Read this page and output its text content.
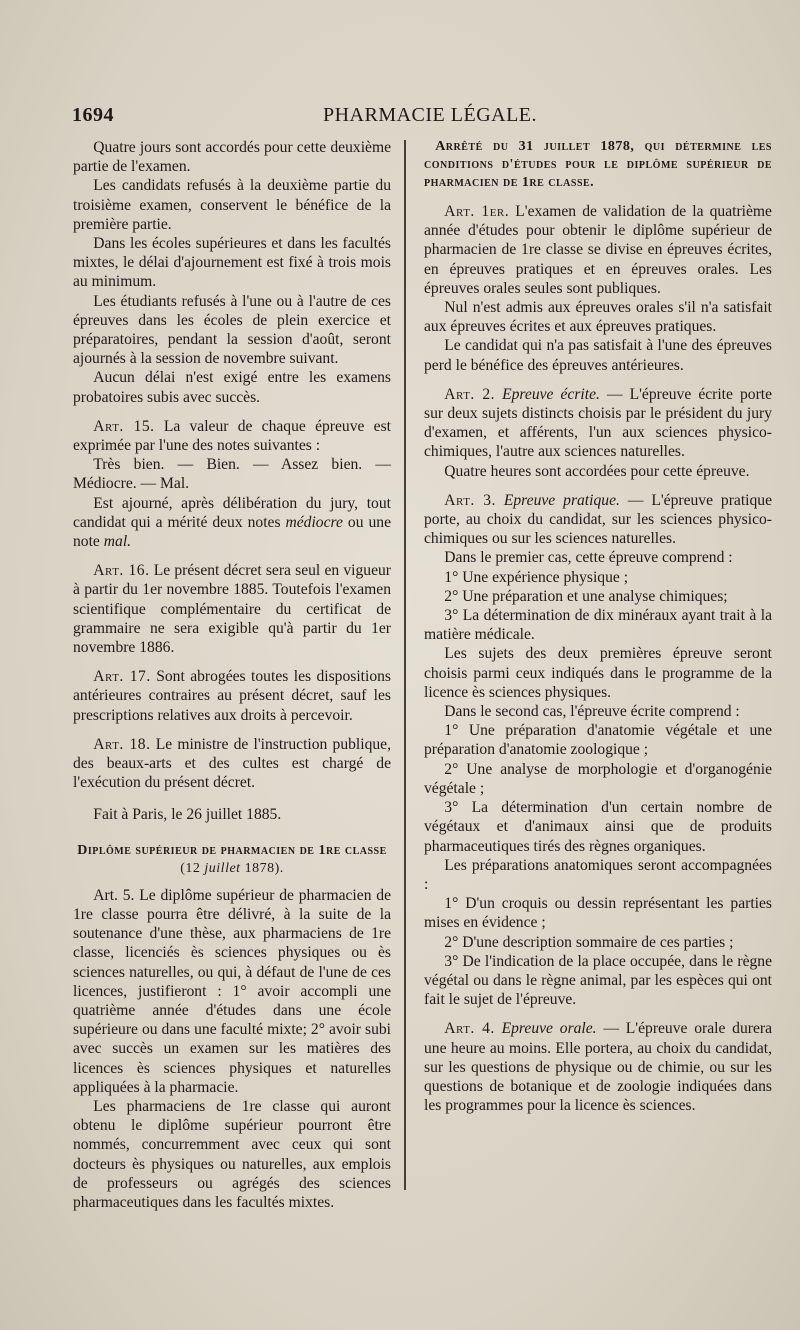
1694	PHARMACIE LÉGALE.

Quatre jours sont accordés pour cette deuxième partie de l'examen.

Les candidats refusés à la deuxième partie du troisième examen, conservent le bénéfice de la première partie.

Dans les écoles supérieures et dans les facultés mixtes, le délai d'ajournement est fixé à trois mois au minimum.

Les étudiants refusés à l'une ou à l'autre de ces épreuves dans les écoles de plein exercice et préparatoires, pendant la session d'août, seront ajournés à la session de novembre suivant.

Aucun délai n'est exigé entre les examens probatoires subis avec succès.

Art. 15. La valeur de chaque épreuve est exprimée par l'une des notes suivantes :

Très bien. — Bien. — Assez bien. — Médiocre. — Mal.

Est ajourné, après délibération du jury, tout candidat qui a mérité deux notes médiocre ou une note mal.

Art. 16. Le présent décret sera seul en vigueur à partir du 1er novembre 1885. Toutefois l'examen scientifique complémentaire du certificat de grammaire ne sera exigible qu'à partir du 1er novembre 1886.

Art. 17. Sont abrogées toutes les dispositions antérieures contraires au présent décret, sauf les prescriptions relatives aux droits à percevoir.

Art. 18. Le ministre de l'instruction publique, des beaux-arts et des cultes est chargé de l'exécution du présent décret.

Fait à Paris, le 26 juillet 1885.

Diplôme supérieur de pharmacien de 1re classe (12 juillet 1878).

Art. 5. Le diplôme supérieur de pharmacien de 1re classe pourra être délivré, à la suite de la soutenance d'une thèse, aux pharmaciens de 1re classe, licenciés ès sciences physiques ou ès sciences naturelles, ou qui, à défaut de l'une de ces licences, justifieront : 1° avoir accompli une quatrième année d'études dans une école supérieure ou dans une faculté mixte; 2° avoir subi avec succès un examen sur les matières des licences ès sciences physiques et naturelles appliquées à la pharmacie.

Les pharmaciens de 1re classe qui auront obtenu le diplôme supérieur pourront être nommés, concurremment avec ceux qui sont docteurs ès physiques ou naturelles, aux emplois de professeurs ou agrégés des sciences pharmaceutiques dans les facultés mixtes.

Arrêté du 31 juillet 1878, qui détermine les conditions d'études pour le diplôme supérieur de pharmacien de 1re classe.

Art. 1er. L'examen de validation de la quatrième année d'études pour obtenir le diplôme supérieur de pharmacien de 1re classe se divise en épreuves écrites, en épreuves pratiques et en épreuves orales. Les épreuves orales seules sont publiques.

Nul n'est admis aux épreuves orales s'il n'a satisfait aux épreuves écrites et aux épreuves pratiques.

Le candidat qui n'a pas satisfait à l'une des épreuves perd le bénéfice des épreuves antérieures.

Art. 2. Epreuve écrite. — L'épreuve écrite porte sur deux sujets distincts choisis par le président du jury d'examen, et afférents, l'un aux sciences physico-chimiques, l'autre aux sciences naturelles.

Quatre heures sont accordées pour cette épreuve.

Art. 3. Epreuve pratique. — L'épreuve pratique porte, au choix du candidat, sur les sciences physico-chimiques ou sur les sciences naturelles.

Dans le premier cas, cette épreuve comprend :

1° Une expérience physique ;

2° Une préparation et une analyse chimiques;

3° La détermination de dix minéraux ayant trait à la matière médicale.

Les sujets des deux premières épreuve seront choisis parmi ceux indiqués dans le programme de la licence ès sciences physiques.

Dans le second cas, l'épreuve écrite comprend :

1° Une préparation d'anatomie végétale et une préparation d'anatomie zoologique ;

2° Une analyse de morphologie et d'organogénie végétale ;

3° La détermination d'un certain nombre de végétaux et d'animaux ainsi que de produits pharmaceutiques tirés des règnes organiques.

Les préparations anatomiques seront accompagnées :

1° D'un croquis ou dessin représentant les parties mises en évidence ;

2° D'une description sommaire de ces parties ;

3° De l'indication de la place occupée, dans le règne végétal ou dans le règne animal, par les espèces qui ont fait le sujet de l'épreuve.

Art. 4. Epreuve orale. — L'épreuve orale durera une heure au moins. Elle portera, au choix du candidat, sur les questions de physique ou de chimie, ou sur les questions de botanique et de zoologie indiquées dans les programmes pour la licence ès sciences.
